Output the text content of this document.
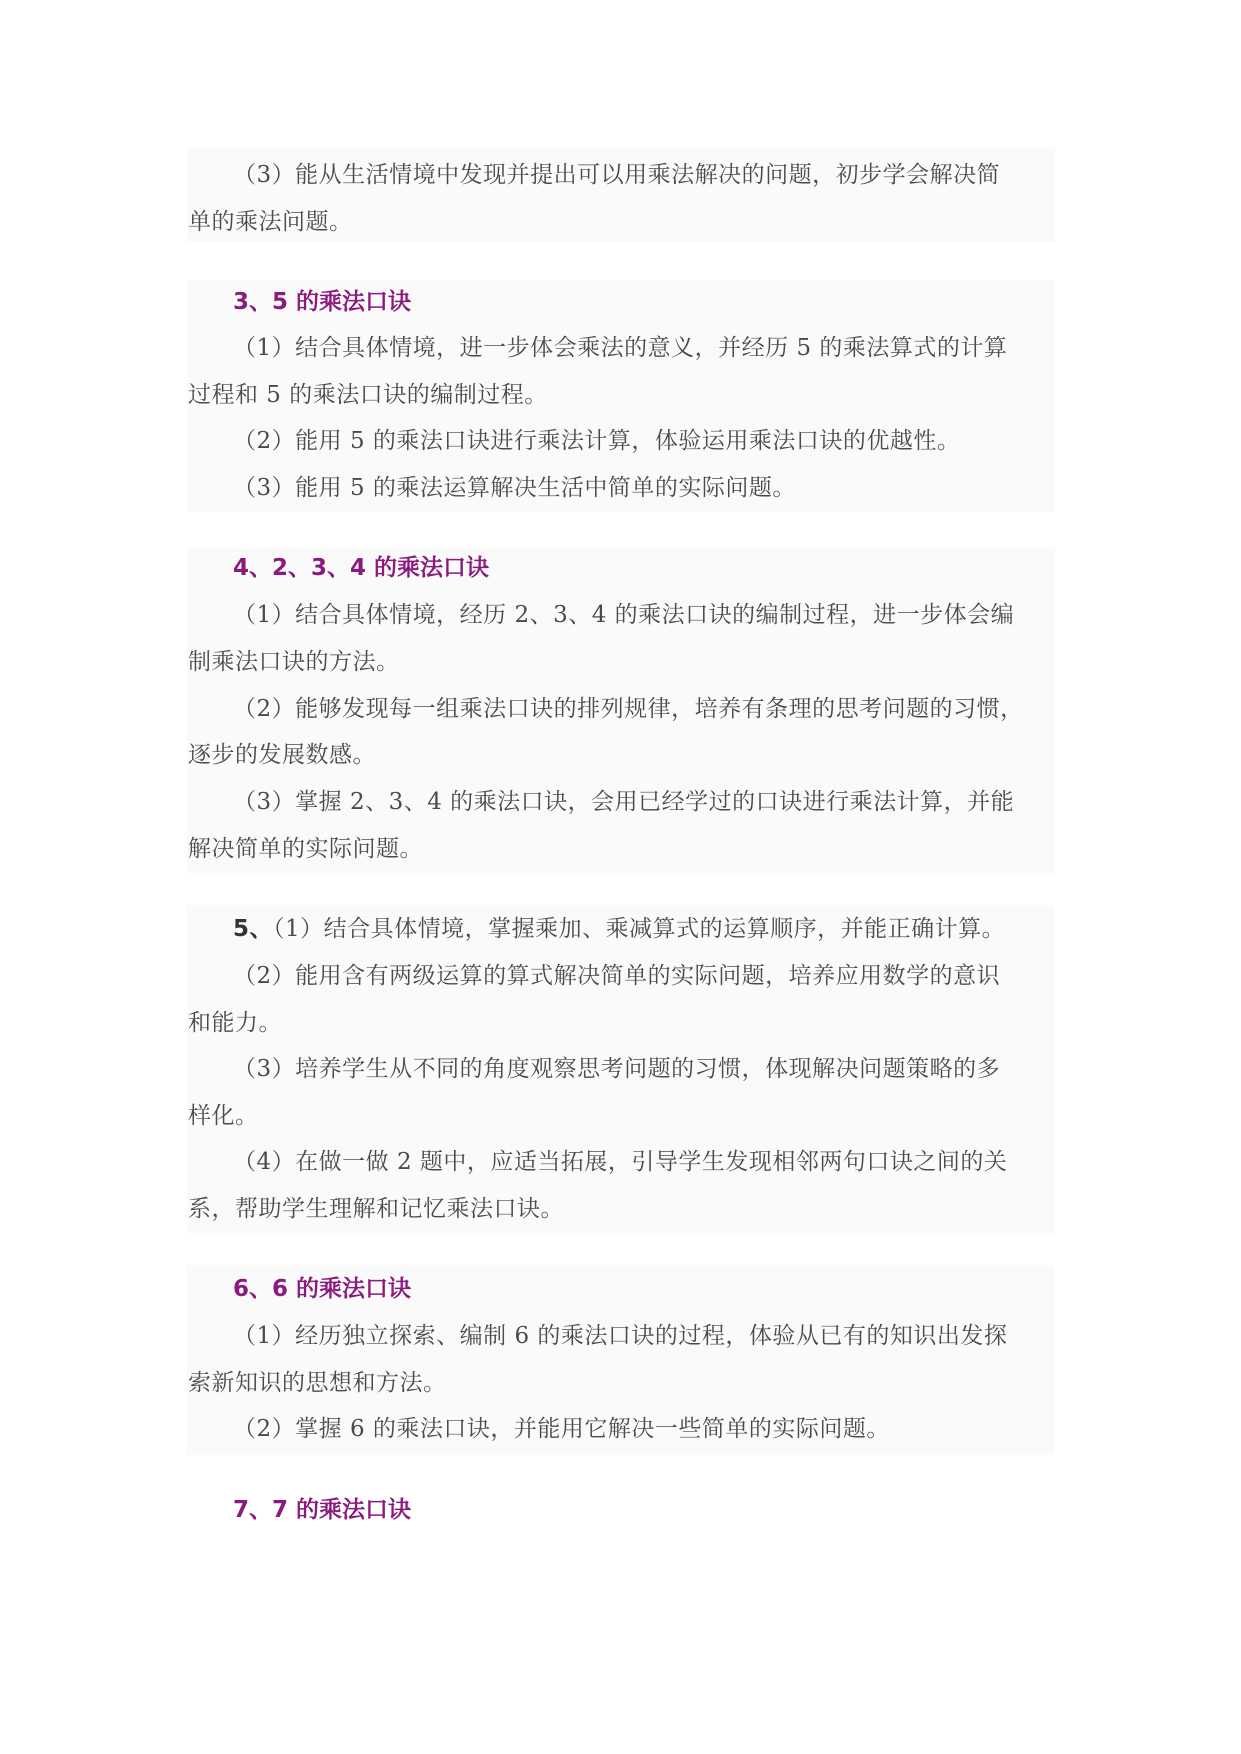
（3）能从生活情境中发现并提出可以用乘法解决的问题，初步学会解决简
单的乘法问题。
3、5 的乘法口诀
（1）结合具体情境，进一步体会乘法的意义，并经历 5 的乘法算式的计算
过程和 5 的乘法口诀的编制过程。
（2）能用 5 的乘法口诀进行乘法计算，体验运用乘法口诀的优越性。
（3）能用 5 的乘法运算解决生活中简单的实际问题。
4、2、3、4 的乘法口诀
（1）结合具体情境，经历 2、3、4 的乘法口诀的编制过程，进一步体会编
制乘法口诀的方法。
（2）能够发现每一组乘法口诀的排列规律，培养有条理的思考问题的习惯，
逐步的发展数感。
（3）掌握 2、3、4 的乘法口诀，会用已经学过的口诀进行乘法计算，并能
解决简单的实际问题。
5、（1）结合具体情境，掌握乘加、乘减算式的运算顺序，并能正确计算。
（2）能用含有两级运算的算式解决简单的实际问题，培养应用数学的意识
和能力。
（3）培养学生从不同的角度观察思考问题的习惯，体现解决问题策略的多
样化。
（4）在做一做 2 题中，应适当拓展，引导学生发现相邻两句口诀之间的关
系，帮助学生理解和记忆乘法口诀。
6、6 的乘法口诀
（1）经历独立探索、编制 6 的乘法口诀的过程，体验从已有的知识出发探
索新知识的思想和方法。
（2）掌握 6 的乘法口诀，并能用它解决一些简单的实际问题。
7、7 的乘法口诀
